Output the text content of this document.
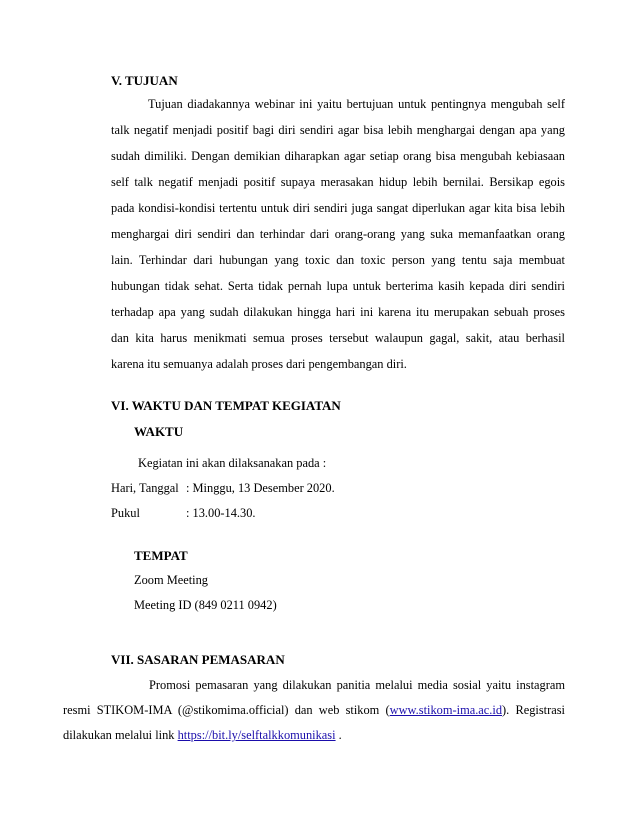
V. TUJUAN
Tujuan diadakannya webinar ini yaitu bertujuan untuk pentingnya mengubah self
talk negatif menjadi positif bagi diri sendiri agar bisa lebih menghargai dengan apa yang
sudah dimiliki. Dengan demikian diharapkan agar setiap orang bisa mengubah kebiasaan
self talk negatif menjadi positif supaya merasakan hidup lebih bernilai. Bersikap egois
pada kondisi-kondisi tertentu untuk diri sendiri juga sangat diperlukan agar kita bisa lebih
menghargai diri sendiri dan terhindar dari orang-orang yang suka memanfaatkan orang
lain. Terhindar dari hubungan yang toxic dan toxic person yang tentu saja membuat
hubungan tidak sehat. Serta tidak pernah lupa untuk berterima kasih kepada diri sendiri
terhadap apa yang sudah dilakukan hingga hari ini karena itu merupakan sebuah proses
dan kita harus menikmati semua proses tersebut walaupun gagal, sakit, atau berhasil
karena itu semuanya adalah proses dari pengembangan diri.
VI. WAKTU DAN TEMPAT KEGIATAN
WAKTU
Kegiatan ini akan dilaksanakan pada :
Hari, Tanggal : Minggu, 13 Desember 2020.
Pukul	: 13.00-14.30.
TEMPAT
Zoom Meeting
Meeting ID (849 0211 0942)
VII. SASARAN PEMASARAN
Promosi pemasaran yang dilakukan panitia melalui media sosial yaitu instagram
resmi STIKOM-IMA (@stikomima.official) dan web stikom (www.stikom-ima.ac.id). Registrasi
dilakukan melalui link https://bit.ly/selftalkkomunikasi .
